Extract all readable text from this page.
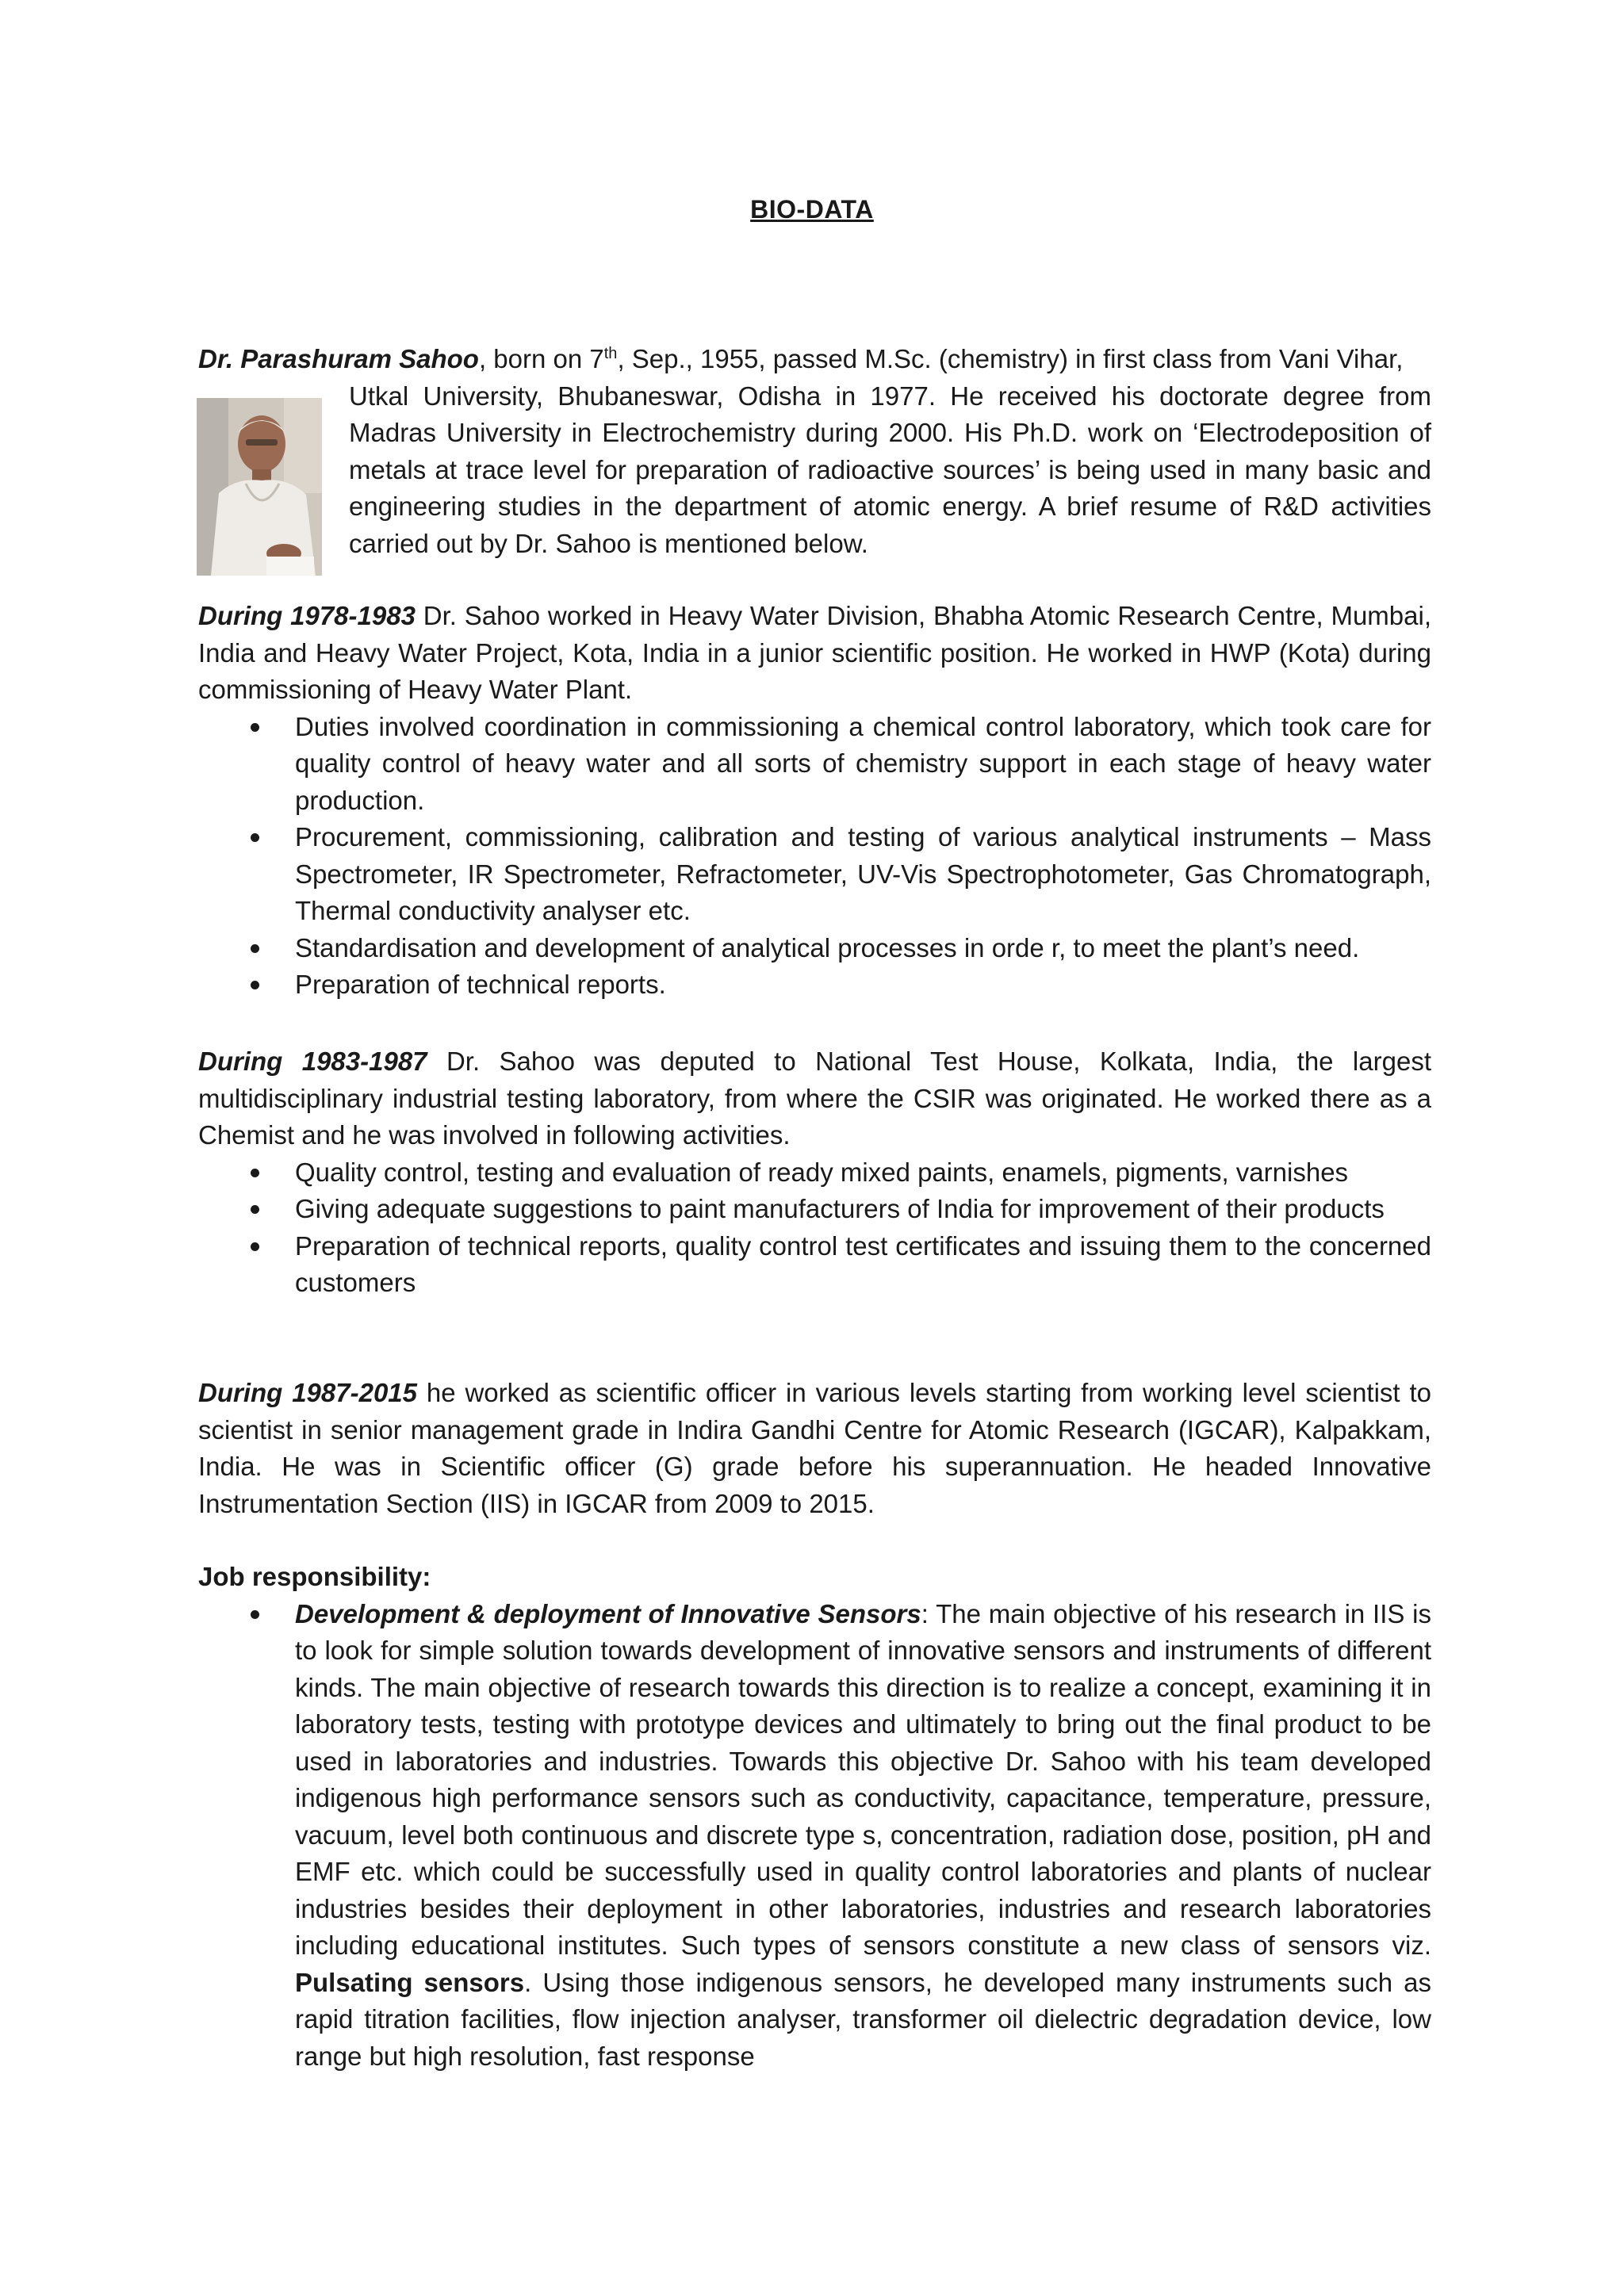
BIO-DATA
Dr. Parashuram Sahoo, born on 7th, Sep., 1955, passed M.Sc. (chemistry) in first class from Vani Vihar,
Utkal University, Bhubaneswar, Odisha in 1977. He received his doctorate degree from Madras University in Electrochemistry during 2000. His Ph.D. work on ‘Electrodeposition of metals at trace level for preparation of radioactive sources’ is being used in many basic and engineering studies in the department of atomic energy. A brief resume of R&D activities carried out by Dr. Sahoo is mentioned below.

During 1978-1983 Dr. Sahoo worked in Heavy Water Division, Bhabha Atomic Research Centre, Mumbai, India and Heavy Water Project, Kota, India in a junior scientific position. He worked in HWP (Kota) during commissioning of Heavy Water Plant.

Duties involved coordination in commissioning a chemical control laboratory, which took care for quality control of heavy water and all sorts of chemistry support in each stage of heavy water production.
Procurement, commissioning, calibration and testing of various analytical instruments – Mass Spectrometer, IR Spectrometer, Refractometer, UV-Vis Spectrophotometer, Gas Chromatograph, Thermal conductivity analyser etc.
Standardisation and development of analytical processes in orde r, to meet the plant’s need.
Preparation of technical reports.

During 1983-1987 Dr. Sahoo was deputed to National Test House, Kolkata, India, the largest multidisciplinary industrial testing laboratory, from where the CSIR was originated. He worked there as a Chemist and he was involved in following activities.

Quality control, testing and evaluation of ready mixed paints, enamels, pigments, varnishes
Giving adequate suggestions to paint manufacturers of India for improvement of their products
Preparation of technical reports, quality control test certificates and issuing them to the concerned customers

During 1987-2015 he worked as scientific officer in various levels starting from working level scientist to scientist in senior management grade in Indira Gandhi Centre for Atomic Research (IGCAR), Kalpakkam, India. He was in Scientific officer (G) grade before his superannuation. He headed Innovative Instrumentation Section (IIS) in IGCAR from 2009 to 2015.

Job responsibility:

Development & deployment of Innovative Sensors: The main objective of his research in IIS is to look for simple solution towards development of innovative sensors and instruments of different kinds. The main objective of research towards this direction is to realize a concept, examining it in laboratory tests, testing with prototype devices and ultimately to bring out the final product to be used in laboratories and industries. Towards this objective Dr. Sahoo with his team developed indigenous high performance sensors such as conductivity, capacitance, temperature, pressure, vacuum, level both continuous and discrete type s, concentration, radiation dose, position, pH and EMF etc. which could be successfully used in quality control laboratories and plants of nuclear industries besides their deployment in other laboratories, industries and research laboratories including educational institutes. Such types of sensors constitute a new class of sensors viz. Pulsating sensors. Using those indigenous sensors, he developed many instruments such as rapid titration facilities, flow injection analyser, transformer oil dielectric degradation device, low range but high resolution, fast response
